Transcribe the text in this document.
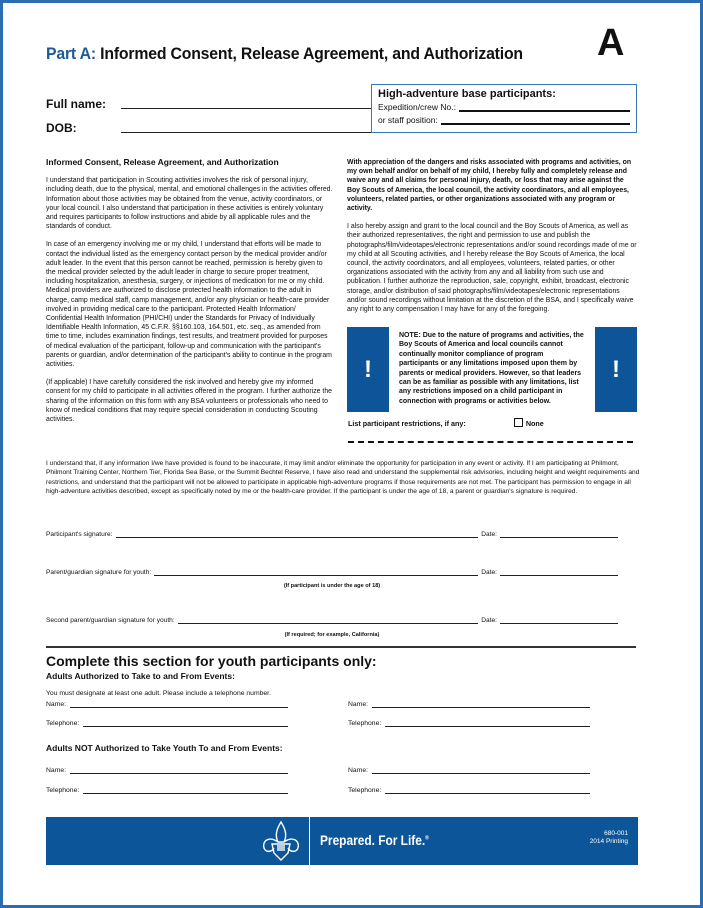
Part A: Informed Consent, Release Agreement, and Authorization A
Full name:
DOB:
High-adventure base participants:
Expedition/crew No.:
or staff position:
Informed Consent, Release Agreement, and Authorization

I understand that participation in Scouting activities involves the risk of personal injury, including death, due to the physical, mental, and emotional challenges in the activities offered. Information about those activities may be obtained from the venue, activity coordinators, or your local council. I also understand that participation in these activities is entirely voluntary and requires participants to follow instructions and abide by all applicable rules and the standards of conduct.

In case of an emergency involving me or my child, I understand that efforts will be made to contact the individual listed as the emergency contact person by the medical provider and/or adult leader. In the event that this person cannot be reached, permission is hereby given to the medical provider selected by the adult leader in charge to secure proper treatment, including hospitalization, anesthesia, surgery, or injections of medication for me or my child. Medical providers are authorized to disclose protected health information to the adult in charge, camp medical staff, camp management, and/or any physician or health-care provider involved in providing medical care to the participant. Protected Health Information/ Confidential Health Information (PHI/CHI) under the Standards for Privacy of Individually Identifiable Health Information, 45 C.F.R. §§160.103, 164.501, etc. seq., as amended from time to time, includes examination findings, test results, and treatment provided for purposes of medical evaluation of the participant, follow-up and communication with the participant's parents or guardian, and/or determination of the participant's ability to continue in the program activities.

(If applicable) I have carefully considered the risk involved and hereby give my informed consent for my child to participate in all activities offered in the program. I further authorize the sharing of the information on this form with any BSA volunteers or professionals who need to know of medical conditions that may require special consideration in conducting Scouting activities.

With appreciation of the dangers and risks associated with programs and activities, on my own behalf and/or on behalf of my child, I hereby fully and completely release and waive any and all claims for personal injury, death, or loss that may arise against the Boy Scouts of America, the local council, the activity coordinators, and all employees, volunteers, related parties, or other organizations associated with any program or activity.

I also hereby assign and grant to the local council and the Boy Scouts of America, as well as their authorized representatives, the right and permission to use and publish the photographs/film/videotapes/electronic representations and/or sound recordings made of me or my child at all Scouting activities, and I hereby release the Boy Scouts of America, the local council, the activity coordinators, and all employees, volunteers, related parties, or other organizations associated with the activity from any and all liability from such use and publication. I further authorize the reproduction, sale, copyright, exhibit, broadcast, electronic storage, and/or distribution of said photographs/film/videotapes/electronic representations and/or sound recordings without limitation at the discretion of the BSA, and I specifically waive any right to any compensation I may have for any of the foregoing.

!
NOTE: Due to the nature of programs and activities, the Boy Scouts of America and local councils cannot continually monitor compliance of program participants or any limitations imposed upon them by parents or medical providers. However, so that leaders can be as familiar as possible with any limitations, list any restrictions imposed on a child participant in connection with programs or activities below.
!
List participant restrictions, if any:	None
I understand that, if any information I/we have provided is found to be inaccurate, it may limit and/or eliminate the opportunity for participation in any event or activity. If I am participating at Philmont, Philmont Training Center, Northern Tier, Florida Sea Base, or the Summit Bechtel Reserve, I have also read and understand the supplemental risk advisories, including height and weight requirements and restrictions, and understand that the participant will not be allowed to participate in applicable high-adventure programs if those requirements are not met. The participant has permission to engage in all high-adventure activities described, except as specifically noted by me or the health-care provider. If the participant is under the age of 18, a parent or guardian's signature is required.
Participant's signature:	Date:
Parent/guardian signature for youth:	Date:
(If participant is under the age of 18)
Second parent/guardian signature for youth:	Date:
(If required; for example, California)
Complete this section for youth participants only:
Adults Authorized to Take to and From Events:
You must designate at least one adult. Please include a telephone number.
Name:	Name:
Telephone:	Telephone:
Adults NOT Authorized to Take Youth To and From Events:
Name:	Name:
Telephone:	Telephone:
Prepared. For Life.®
680-001
2014 Printing
